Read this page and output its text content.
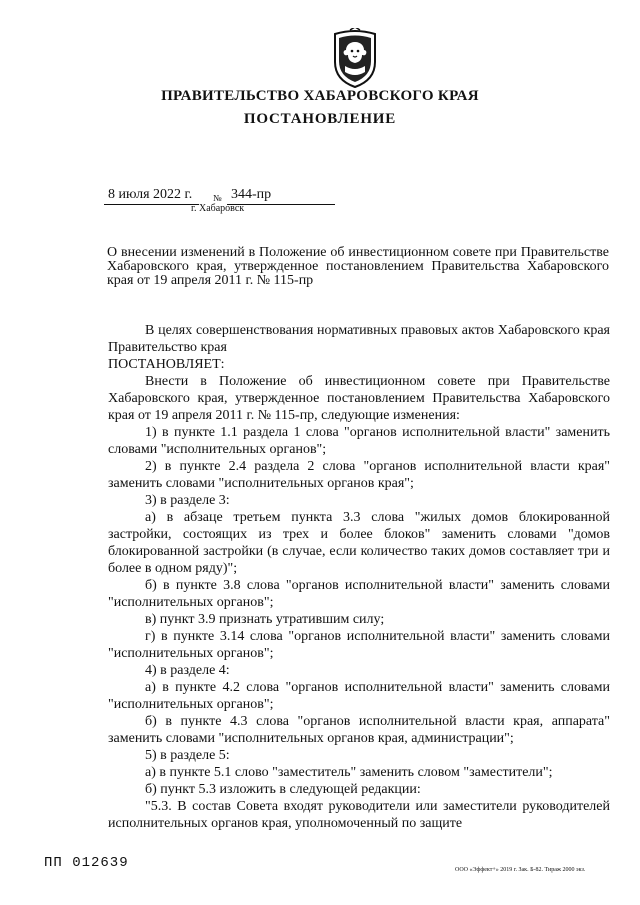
ПРАВИТЕЛЬСТВО ХАБАРОВСКОГО КРАЯ
ПОСТАНОВЛЕНИЕ
8 июля 2022 г. № 344-пр
г. Хабаровск
О внесении изменений в Положение об инвестиционном совете при Правительстве Хабаровского края, утвержденное постановлением Правительства Хабаровского края от 19 апреля 2011 г. № 115-пр

В целях совершенствования нормативных правовых актов Хабаровского края Правительство края

ПОСТАНОВЛЯЕТ:

Внести в Положение об инвестиционном совете при Правительстве Хабаровского края, утвержденное постановлением Правительства Хабаровского края от 19 апреля 2011 г. № 115-пр, следующие изменения:

1) в пункте 1.1 раздела 1 слова "органов исполнительной власти" заменить словами "исполнительных органов";

2) в пункте 2.4 раздела 2 слова "органов исполнительной власти края" заменить словами "исполнительных органов края";

3) в разделе 3:

а) в абзаце третьем пункта 3.3 слова "жилых домов блокированной застройки, состоящих из трех и более блоков" заменить словами "домов блокированной застройки (в случае, если количество таких домов составляет три и более в одном ряду)";

б) в пункте 3.8 слова "органов исполнительной власти" заменить словами "исполнительных органов";

в) пункт 3.9 признать утратившим силу;

г) в пункте 3.14 слова "органов исполнительной власти" заменить словами "исполнительных органов";

4) в разделе 4:

а) в пункте 4.2 слова "органов исполнительной власти" заменить словами "исполнительных органов";

б) в пункте 4.3 слова "органов исполнительной власти края, аппарата" заменить словами "исполнительных органов края, администрации";

5) в разделе 5:

а) в пункте 5.1 слово "заместитель" заменить словом "заместители";

б) пункт 5.3 изложить в следующей редакции:

"5.3. В состав Совета входят руководители или заместители руководителей исполнительных органов края, уполномоченный по защите

ПП 012639	ООО «Эффект+» 2019 г. Зак. Б-82. Тираж 2000 экз.
